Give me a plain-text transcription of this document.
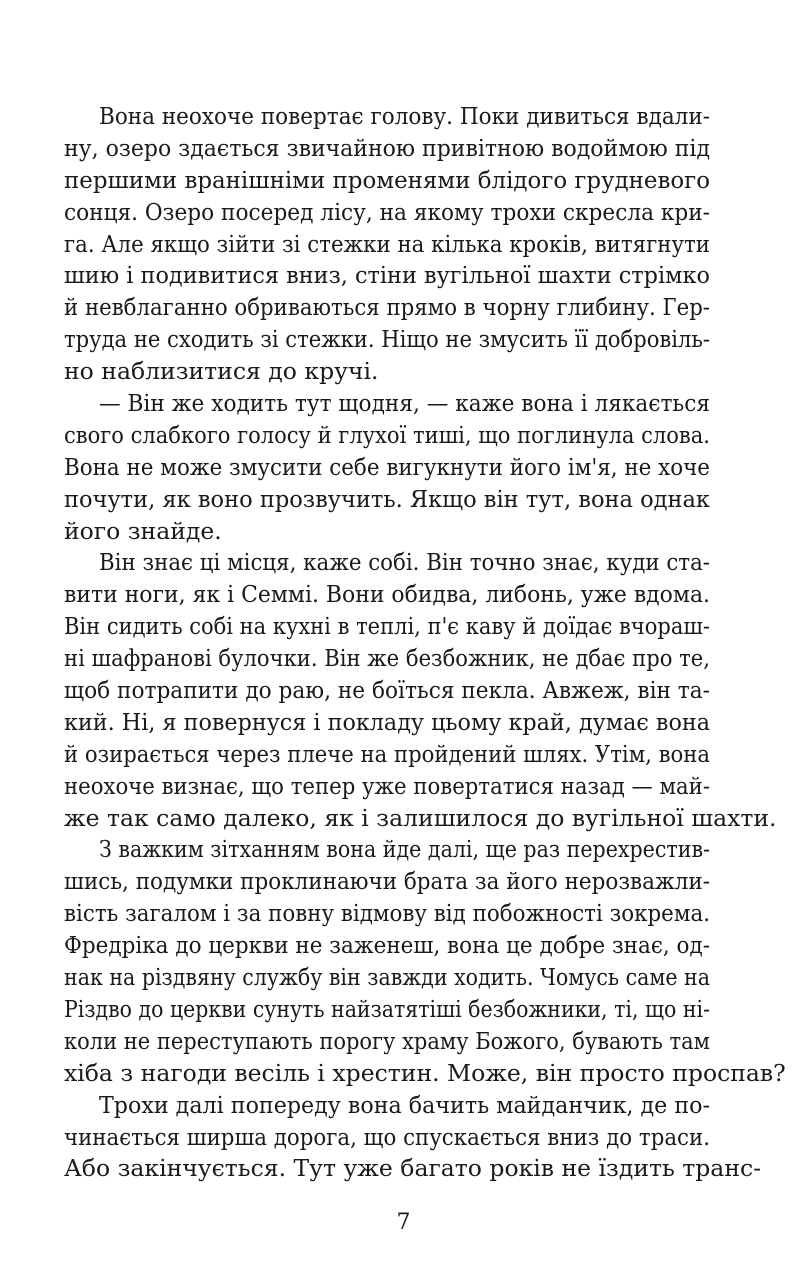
Вона неохоче повертає голову. Поки дивиться вдали-
ну, озеро здається звичайною привітною водоймою під
першими вранішніми променями блідого грудневого
сонця. Озеро посеред лісу, на якому трохи скресла кри-
га. Але якщо зійти зі стежки на кілька кроків, витягнути
шию і подивитися вниз, стіни вугільної шахти стрімко
й невблаганно обриваються прямо в чорну глибину. Гер-
труда не сходить зі стежки. Ніщо не змусить її добровіль-
но наблизитися до кручі.
— Він же ходить тут щодня, — каже вона і лякається
свого слабкого голосу й глухої тиші, що поглинула слова.
Вона не може змусити себе вигукнути його ім'я, не хоче
почути, як воно прозвучить. Якщо він тут, вона однак
його знайде.
Він знає ці місця, каже собі. Він точно знає, куди ста-
вити ноги, як і Семмі. Вони обидва, либонь, уже вдома.
Він сидить собі на кухні в теплі, п'є каву й доїдає вчораш-
ні шафранові булочки. Він же безбожник, не дбає про те,
щоб потрапити до раю, не боїться пекла. Авжеж, він та-
кий. Ні, я повернуся і покладу цьому край, думає вона
й озирається через плече на пройдений шлях. Утім, вона
неохоче визнає, що тепер уже повертатися назад — май-
же так само далеко, як і залишилося до вугільної шахти.
З важким зітханням вона йде далі, ще раз перехрестив-
шись, подумки проклинаючи брата за його нерозважли-
вість загалом і за повну відмову від побожності зокрема.
Фредріка до церкви не заженеш, вона це добре знає, од-
нак на різдвяну службу він завжди ходить. Чомусь саме на
Різдво до церкви сунуть найзатятіші безбожники, ті, що ні-
коли не переступають порогу храму Божого, бувають там
хіба з нагоди весіль і хрестин. Може, він просто проспав?
Трохи далі попереду вона бачить майданчик, де по-
чинається ширша дорога, що спускається вниз до траси.
Або закінчується. Тут уже багато років не їздить транс-
7
